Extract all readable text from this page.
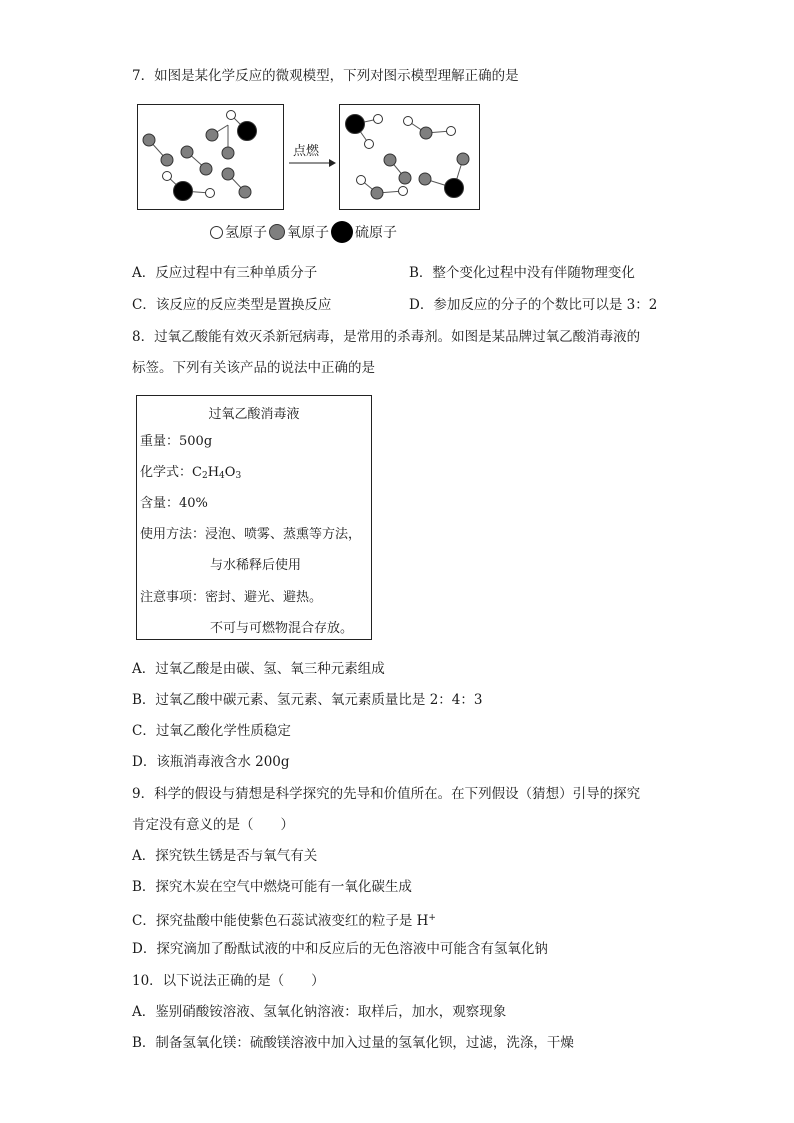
7．如图是某化学反应的微观模型，下列对图示模型理解正确的是
点燃
氢原子 氧原子 硫原子
A．反应过程中有三种单质分子	B．整个变化过程中没有伴随物理变化
C．该反应的反应类型是置换反应	D．参加反应的分子的个数比可以是 3：2
8．过氧乙酸能有效灭杀新冠病毒，是常用的杀毒剂。如图是某品牌过氧乙酸消毒液的
标签。下列有关该产品的说法中正确的是
过氧乙酸消毒液
重量：500g
化学式：$C_2H_4O_3$
含量：40%
使用方法：浸泡、喷雾、蒸熏等方法，
与水稀释后使用
注意事项：密封、避光、避热。
不可与可燃物混合存放。
A．过氧乙酸是由碳、氢、氧三种元素组成
B．过氧乙酸中碳元素、氢元素、氧元素质量比是 2：4：3
C．过氧乙酸化学性质稳定
D．该瓶消毒液含水 200g
9．科学的假设与猜想是科学探究的先导和价值所在。在下列假设（猜想）引导的探究
肯定没有意义的是（　　）
A．探究铁生锈是否与氧气有关
B．探究木炭在空气中燃烧可能有一氧化碳生成
C．探究盐酸中能使紫色石蕊试液变红的粒子是 H+
D．探究滴加了酚酞试液的中和反应后的无色溶液中可能含有氢氧化钠
10．以下说法正确的是（　　）
A．鉴别硝酸铵溶液、氢氧化钠溶液：取样后，加水，观察现象
B．制备氢氧化镁：硫酸镁溶液中加入过量的氢氧化钡，过滤，洗涤，干燥
